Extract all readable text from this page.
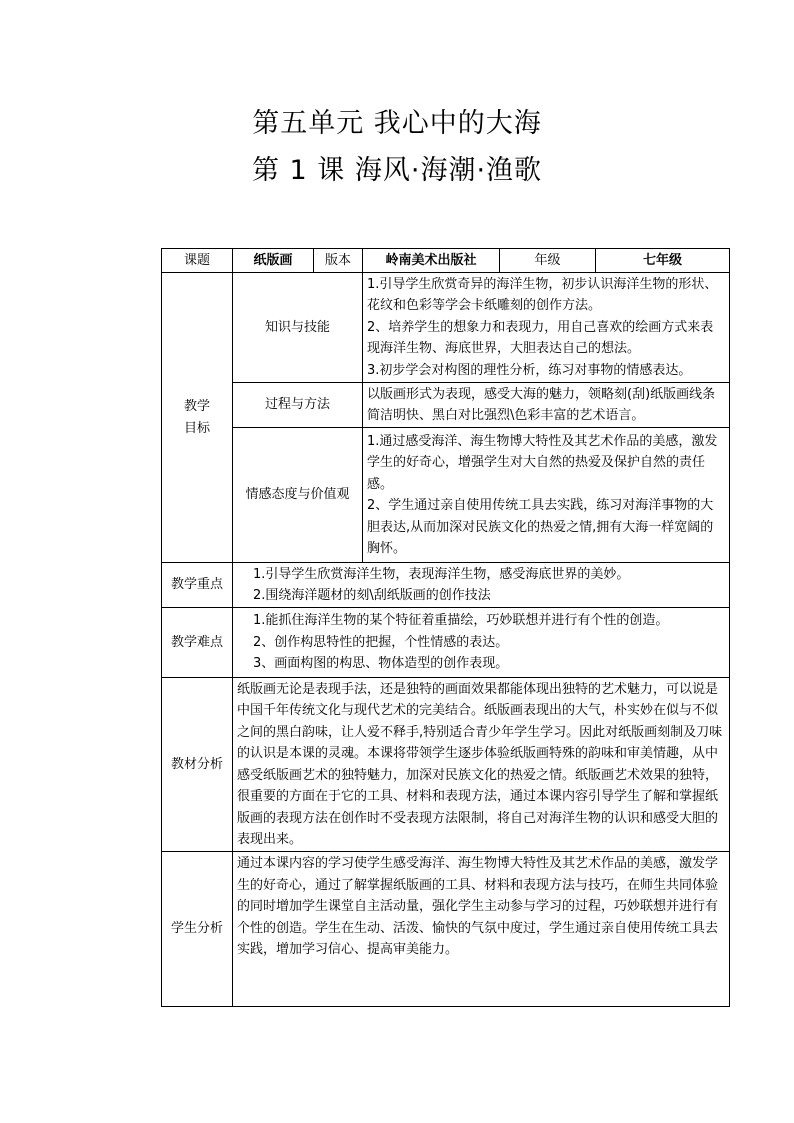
第五单元 我心中的大海
第 1 课 海风·海潮·渔歌
课题	纸版画	版本	岭南美术出版社	年级	七年级
教学
目标	知识与技能		1.引导学生欣赏奇异的海洋生物，初步认识海洋生物的形状、花纹和色彩等学会卡纸雕刻的创作方法。
2、培养学生的想象力和表现力，用自己喜欢的绘画方式来表现海洋生物、海底世界，大胆表达自己的想法。
3.初步学会对构图的理性分析，练习对事物的情感表达。		

	过程与方法		以版画形式为表现，感受大海的魅力，领略刻(刮)纸版画线条简洁明快、黑白对比强烈\色彩丰富的艺术语言。		
	情感态度与价值观		1.通过感受海洋、海生物博大特性及其艺术作品的美感，激发学生的好奇心，增强学生对大自然的热爱及保护自然的责任感。
2、学生通过亲自使用传统工具去实践，练习对海洋事物的大胆表达,从而加深对民族文化的热爱之情,拥有大海一样宽阔的胸怀。		

教学重点	1.引导学生欣赏海洋生物，表现海洋生物，感受海底世界的美妙。
2.围绕海洋题材的刻\刮纸版画的创作技法				

教学难点	1.能抓住海洋生物的某个特征着重描绘，巧妙联想并进行有个性的创造。
2、创作构思特性的把握，个性情感的表达。
3、画面构图的构思、物体造型的创作表现。				

教材分析	纸版画无论是表现手法，还是独特的画面效果都能体现出独特的艺术魅力，可以说是中国千年传统文化与现代艺术的完美结合。纸版画表现出的大气，朴实妙在似与不似之间的黑白韵味，让人爱不释手,特别适合青少年学生学习。因此对纸版画刻制及刀味的认识是本课的灵魂。本课将带领学生逐步体验纸版画特殊的韵味和审美情趣，从中感受纸版画艺术的独特魅力，加深对民族文化的热爱之情。纸版画艺术效果的独特，很重要的方面在于它的工具、材料和表现方法，通过本课内容引导学生了解和掌握纸版画的表现方法在创作时不受表现方法限制，将自己对海洋生物的认识和感受大胆的表现出来。				
学生分析	通过本课内容的学习使学生感受海洋、海生物博大特性及其艺术作品的美感，激发学生的好奇心，通过了解掌握纸版画的工具、材料和表现方法与技巧，在师生共同体验的同时增加学生课堂自主活动量，强化学生主动参与学习的过程，巧妙联想并进行有个性的创造。学生在生动、活泼、愉快的气氛中度过，学生通过亲自使用传统工具去实践，增加学习信心、提高审美能力。				
